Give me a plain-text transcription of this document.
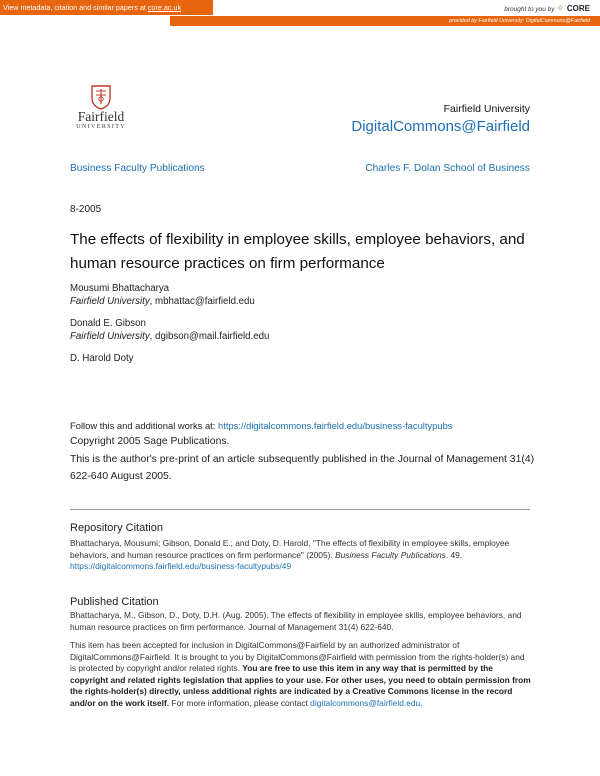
View metadata, citation and similar papers at core.ac.uk	brought to you by ✧ CORE
provided by Fairfield University: DigitalCommons@Fairfield
Fairfield
UNIVERSITY
Fairfield University
DigitalCommons@Fairfield
Business Faculty Publications	Charles F. Dolan School of Business
8-2005
The effects of flexibility in employee skills, employee behaviors, and human resource practices on firm performance
Mousumi Bhattacharya
Fairfield University, mbhattac@fairfield.edu
Donald E. Gibson
Fairfield University, dgibson@mail.fairfield.edu
D. Harold Doty
Follow this and additional works at: https://digitalcommons.fairfield.edu/business-facultypubs
Copyright 2005 Sage Publications.
This is the author's pre-print of an article subsequently published in the Journal of Management 31(4) 622-640 August 2005.
Repository Citation
Bhattacharya, Mousumi; Gibson, Donald E.; and Doty, D. Harold, "The effects of flexibility in employee skills, employee behaviors, and human resource practices on firm performance" (2005). Business Faculty Publications. 49.
https://digitalcommons.fairfield.edu/business-facultypubs/49
Published Citation
Bhattacharya, M., Gibson, D., Doty, D.H. (Aug. 2005). The effects of flexibility in employee skills, employee behaviors, and human resource practices on firm performance. Journal of Management 31(4) 622-640.
This item has been accepted for inclusion in DigitalCommons@Fairfield by an authorized administrator of DigitalCommons@Fairfield. It is brought to you by DigitalCommons@Fairfield with permission from the rights-holder(s) and is protected by copyright and/or related rights. You are free to use this item in any way that is permitted by the copyright and related rights legislation that applies to your use. For other uses, you need to obtain permission from the rights-holder(s) directly, unless additional rights are indicated by a Creative Commons license in the record and/or on the work itself. For more information, please contact digitalcommons@fairfield.edu.
